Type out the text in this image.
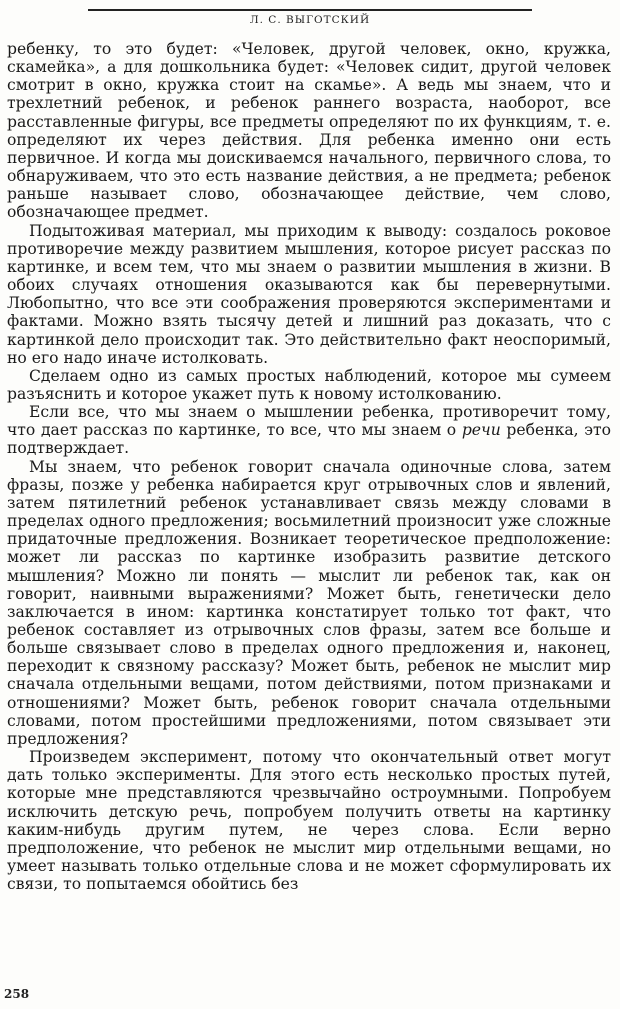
Л. С. ВЫГОТСКИЙ

ребенку, то это будет: «Человек, другой человек, окно, кружка, скамейка», а для дошкольника будет: «Человек сидит, другой человек смотрит в окно, кружка стоит на скамье». А ведь мы знаем, что и трехлетний ребенок, и ребенок раннего возраста, наоборот, все расставленные фигуры, все предметы определяют по их функциям, т. е. определяют их через действия. Для ребенка именно они есть первичное. И когда мы доискиваемся начального, первичного слова, то обнаруживаем, что это есть название действия, а не предмета; ребенок раньше называет слово, обозначающее действие, чем слово, обозначающее предмет.

Подытоживая материал, мы приходим к выводу: создалось роковое противоречие между развитием мышления, которое рисует рассказ по картинке, и всем тем, что мы знаем о развитии мышления в жизни. В обоих случаях отношения оказываются как бы перевернутыми. Любопытно, что все эти соображения проверяются экспериментами и фактами. Можно взять тысячу детей и лишний раз доказать, что с картинкой дело происходит так. Это действительно факт неоспоримый, но его надо иначе истолковать.

Сделаем одно из самых простых наблюдений, которое мы сумеем разъяснить и которое укажет путь к новому истолкованию.

Если все, что мы знаем о мышлении ребенка, противоречит тому, что дает рассказ по картинке, то все, что мы знаем о речи ребенка, это подтверждает.

Мы знаем, что ребенок говорит сначала одиночные слова, затем фразы, позже у ребенка набирается круг отрывочных слов и явлений, затем пятилетний ребенок устанавливает связь между словами в пределах одного предложения; восьмилетний произносит уже сложные придаточные предложения. Возникает теоретическое предположение: может ли рассказ по картинке изобразить развитие детского мышления? Можно ли понять — мыслит ли ребенок так, как он говорит, наивными выражениями? Может быть, генетически дело заключается в ином: картинка констатирует только тот факт, что ребенок составляет из отрывочных слов фразы, затем все больше и больше связывает слово в пределах одного предложения и, наконец, переходит к связному рассказу? Может быть, ребенок не мыслит мир сначала отдельными вещами, потом действиями, потом признаками и отношениями? Может быть, ребенок говорит сначала отдельными словами, потом простейшими предложениями, потом связывает эти предложения?

Произведем эксперимент, потому что окончательный ответ могут дать только эксперименты. Для этого есть несколько простых путей, которые мне представляются чрезвычайно остроумными. Попробуем исключить детскую речь, попробуем получить ответы на картинку каким-нибудь другим путем, не через слова. Если верно предположение, что ребенок не мыслит мир отдельными вещами, но умеет называть только отдельные слова и не может сформулировать их связи, то попытаемся обойтись без

258
